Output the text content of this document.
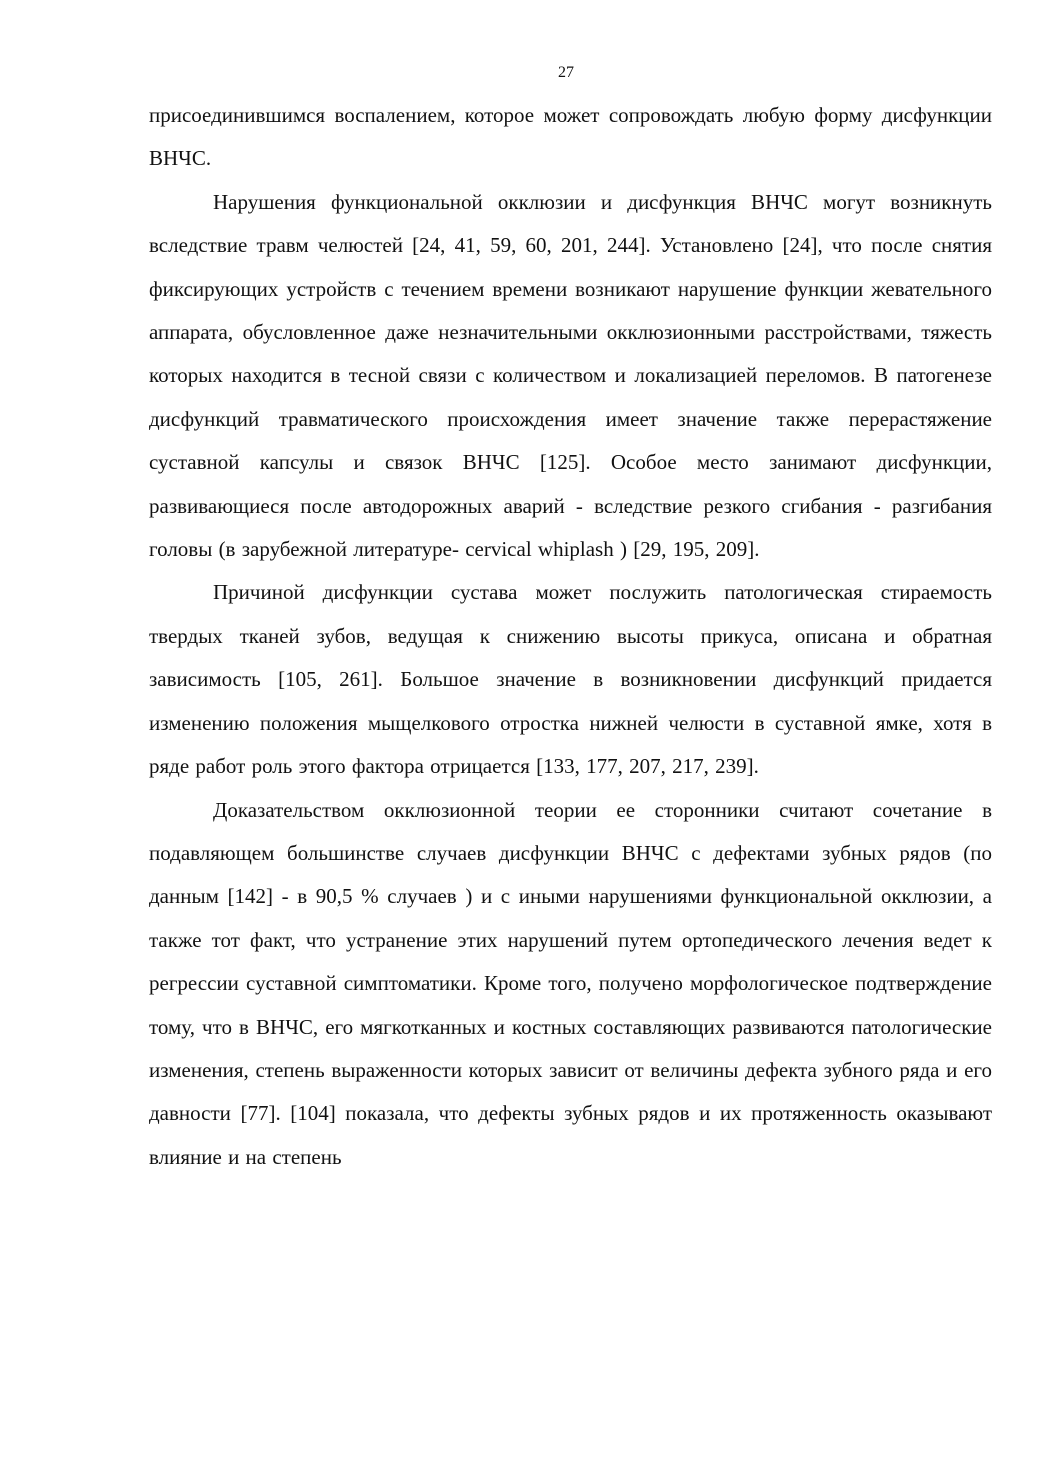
27

присоединившимся воспалением, которое может сопровождать любую форму дисфункции ВНЧС.

Нарушения функциональной окклюзии и дисфункция ВНЧС могут возникнуть вследствие травм челюстей [24, 41, 59, 60, 201, 244]. Установлено [24], что после снятия фиксирующих устройств с течением времени возникают нарушение функции жевательного аппарата, обусловленное даже незначительными окклюзионными расстройствами, тяжесть которых находится в тесной связи с количеством и локализацией переломов. В патогенезе дисфункций травматического происхождения имеет значение также перерастяжение суставной капсулы и связок ВНЧС [125]. Особое место занимают дисфункции, развивающиеся после автодорожных аварий - вследствие резкого сгибания - разгибания головы (в зарубежной литературе- cervical whiplash ) [29, 195, 209].

Причиной дисфункции сустава может послужить патологическая стираемость твердых тканей зубов, ведущая к снижению высоты прикуса, описана и обратная зависимость [105, 261]. Большое значение в возникновении дисфункций придается изменению положения мыщелкового отростка нижней челюсти в суставной ямке, хотя в ряде работ роль этого фактора отрицается [133, 177, 207, 217, 239].

Доказательством окклюзионной теории ее сторонники считают сочетание в подавляющем большинстве случаев дисфункции ВНЧС с дефектами зубных рядов (по данным [142] - в 90,5 % случаев ) и с иными нарушениями функциональной окклюзии, а также тот факт, что устранение этих нарушений путем ортопедического лечения ведет к регрессии суставной симптоматики. Кроме того, получено морфологическое подтверждение тому, что в ВНЧС, его мягкотканных и костных составляющих развиваются патологические изменения, степень выраженности которых зависит от величины дефекта зубного ряда и его давности [77]. [104] показала, что дефекты зубных рядов и их протяженность оказывают влияние и на степень
